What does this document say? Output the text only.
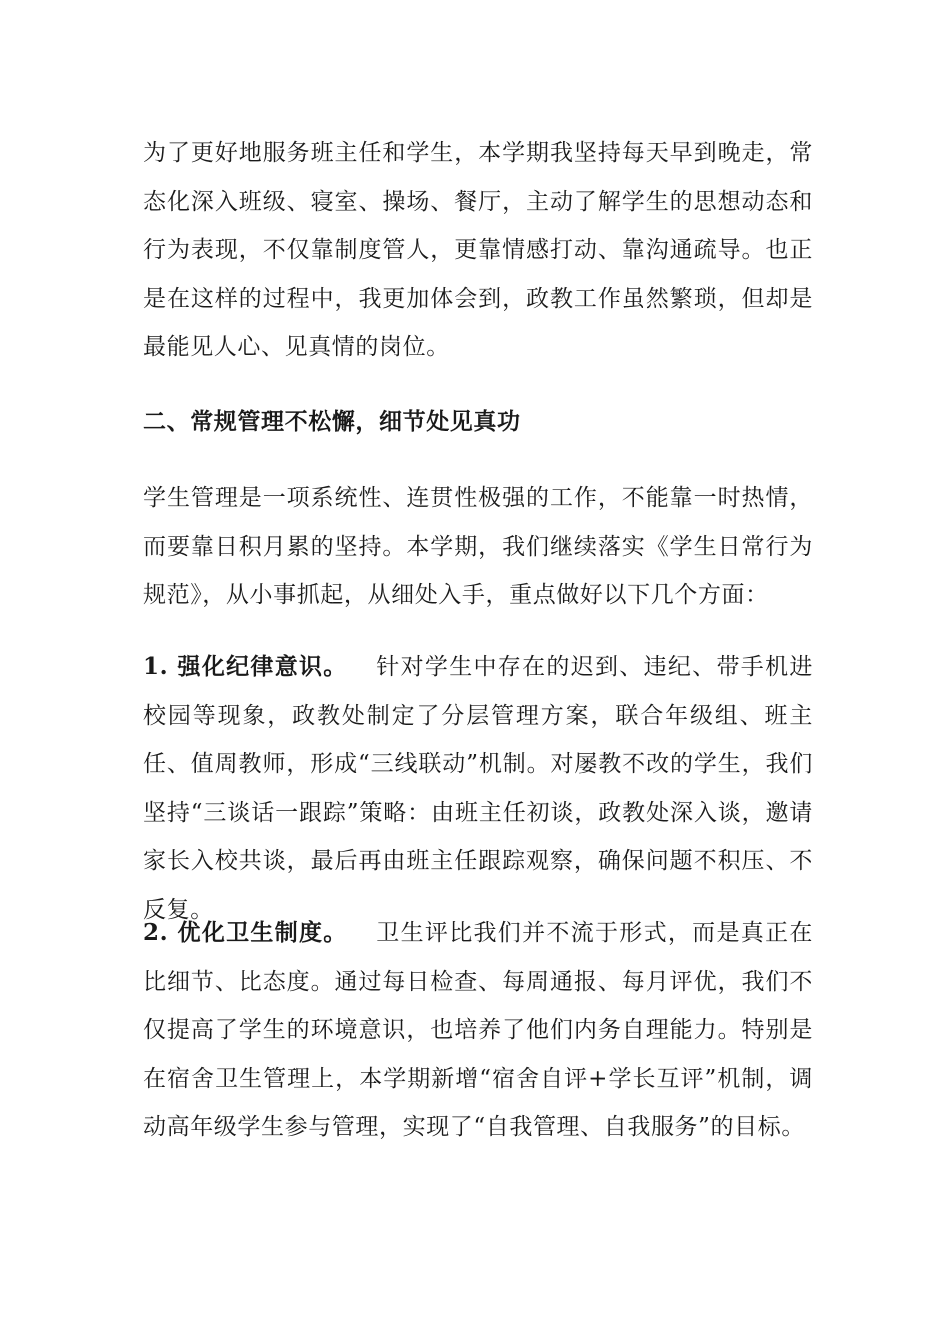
为了更好地服务班主任和学生，本学期我坚持每天早到晚走，常态化深入班级、寝室、操场、餐厅，主动了解学生的思想动态和行为表现，不仅靠制度管人，更靠情感打动、靠沟通疏导。也正是在这样的过程中，我更加体会到，政教工作虽然繁琐，但却是最能见人心、见真情的岗位。

二、常规管理不松懈，细节处见真功

学生管理是一项系统性、连贯性极强的工作，不能靠一时热情，而要靠日积月累的坚持。本学期，我们继续落实《学生日常行为规范》，从小事抓起，从细处入手，重点做好以下几个方面：

1. 强化纪律意识。 针对学生中存在的迟到、违纪、带手机进校园等现象，政教处制定了分层管理方案，联合年级组、班主任、值周教师，形成“三线联动”机制。对屡教不改的学生，我们坚持“三谈话一跟踪”策略：由班主任初谈，政教处深入谈，邀请家长入校共谈，最后再由班主任跟踪观察，确保问题不积压、不反复。

2. 优化卫生制度。 卫生评比我们并不流于形式，而是真正在比细节、比态度。通过每日检查、每周通报、每月评优，我们不仅提高了学生的环境意识，也培养了他们内务自理能力。特别是在宿舍卫生管理上，本学期新增“宿舍自评+学长互评”机制，调动高年级学生参与管理，实现了“自我管理、自我服务”的目标。
